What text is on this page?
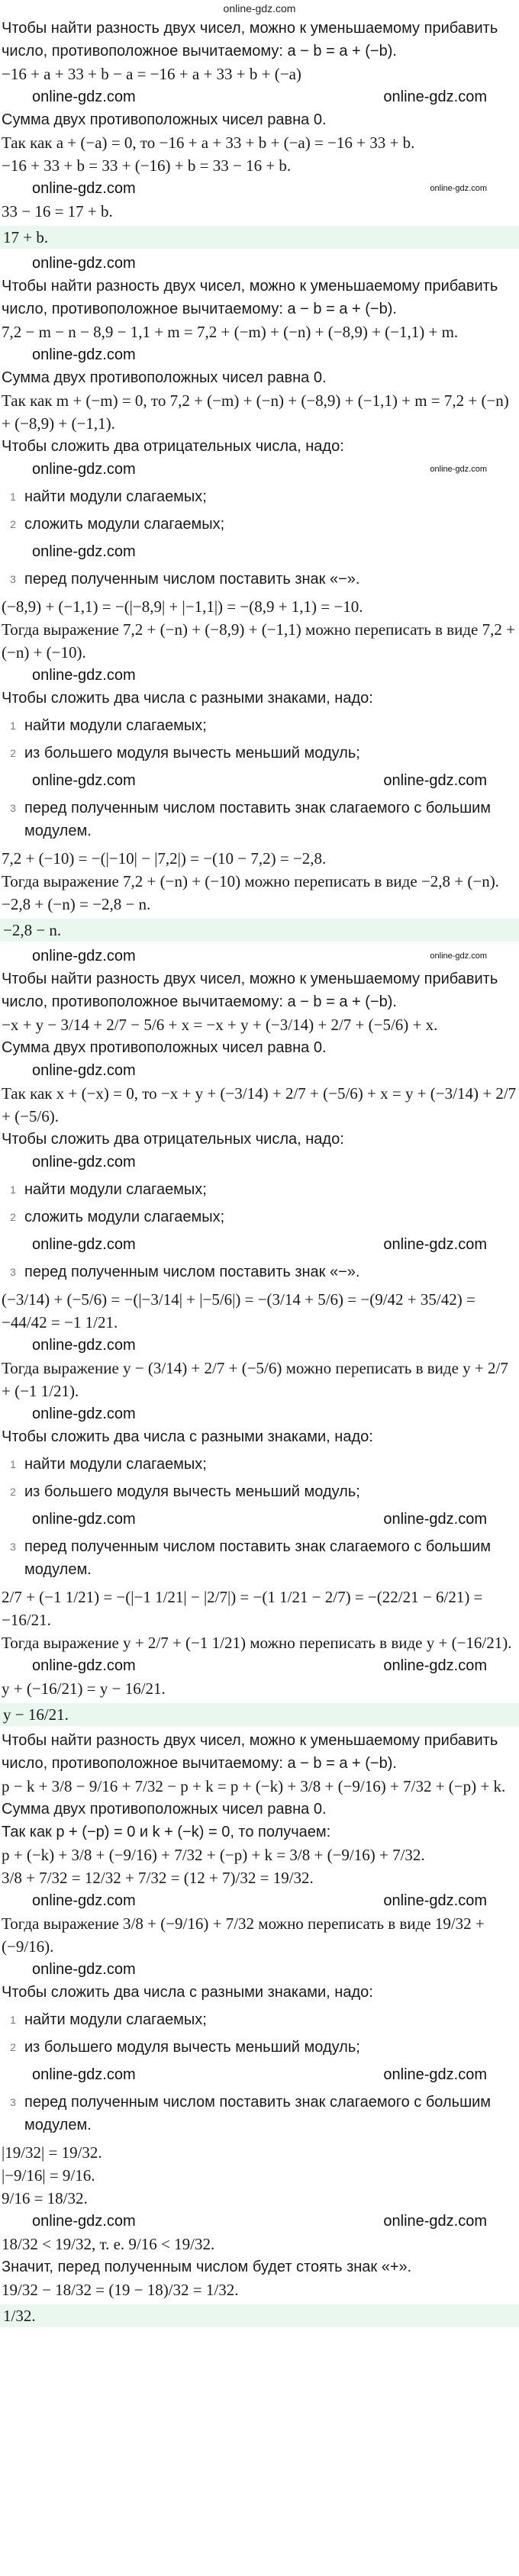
online-gdz.com

Чтобы найти разность двух чисел, можно к уменьшаемому прибавить число, противоположное вычитаемому: a − b = a + (−b).

−16 + a + 33 + b − a = −16 + a + 33 + b + (−a)

online-gdz.com	online-gdz.com

Сумма двух противоположных чисел равна 0.

Так как a + (−a) = 0, то −16 + a + 33 + b + (−a) = −16 + 33 + b.

−16 + 33 + b = 33 + (−16) + b = 33 − 16 + b.

online-gdz.com	online-gdz.com

33 − 16 = 17 + b.

17 + b.
online-gdz.com

Чтобы найти разность двух чисел, можно к уменьшаемому прибавить число, противоположное вычитаемому: a − b = a + (−b).

7,2 − m − n − 8,9 − 1,1 + m = 7,2 + (−m) + (−n) + (−8,9) + (−1,1) + m.

online-gdz.com

Сумма двух противоположных чисел равна 0.

Так как m + (−m) = 0, то 7,2 + (−m) + (−n) + (−8,9) + (−1,1) + m = 7,2 + (−n) + (−8,9) + (−1,1).

Чтобы сложить два отрицательных числа, надо:

online-gdz.com	online-gdz.com
1 найти модули слагаемых;
2 сложить модули слагаемых;
online-gdz.com
3 перед полученным числом поставить знак «−».

(−8,9) + (−1,1) = −(|−8,9| + |−1,1|) = −(8,9 + 1,1) = −10.

Тогда выражение 7,2 + (−n) + (−8,9) + (−1,1) можно переписать в виде 7,2 + (−n) + (−10).

online-gdz.com

Чтобы сложить два числа с разными знаками, надо:

1 найти модули слагаемых;
2 из большего модуля вычесть меньший модуль;
online-gdz.com	online-gdz.com
3 перед полученным числом поставить знак слагаемого с большим модулем.

7,2 + (−10) = −(|−10| − |7,2|) = −(10 − 7,2) = −2,8.

Тогда выражение 7,2 + (−n) + (−10) можно переписать в виде −2,8 + (−n).

−2,8 + (−n) = −2,8 − n.

−2,8 − n.
online-gdz.com	online-gdz.com

Чтобы найти разность двух чисел, можно к уменьшаемому прибавить число, противоположное вычитаемому: a − b = a + (−b).

−x + y − 3/14 + 2/7 − 5/6 + x = −x + y + (−3/14) + 2/7 + (−5/6) + x.

Сумма двух противоположных чисел равна 0.

online-gdz.com

Так как x + (−x) = 0, то −x + y + (−3/14) + 2/7 + (−5/6) + x = y + (−3/14) + 2/7 + (−5/6).

Чтобы сложить два отрицательных числа, надо:

online-gdz.com
1 найти модули слагаемых;
2 сложить модули слагаемых;
online-gdz.com	online-gdz.com
3 перед полученным числом поставить знак «−».

(−3/14) + (−5/6) = −(|−3/14| + |−5/6|) = −(3/14 + 5/6) = −(9/42 + 35/42) = −44/42 = −1 1/21.

online-gdz.com

Тогда выражение y − (3/14) + 2/7 + (−5/6) можно переписать в виде y + 2/7 + (−1 1/21).

online-gdz.com

Чтобы сложить два числа с разными знаками, надо:

1 найти модули слагаемых;
2 из большего модуля вычесть меньший модуль;
online-gdz.com	online-gdz.com
3 перед полученным числом поставить знак слагаемого с большим модулем.

2/7 + (−1 1/21) = −(|−1 1/21| − |2/7|) = −(1 1/21 − 2/7) = −(22/21 − 6/21) = −16/21.

Тогда выражение y + 2/7 + (−1 1/21) можно переписать в виде y + (−16/21).

online-gdz.com	online-gdz.com

y + (−16/21) = y − 16/21.

y − 16/21.

Чтобы найти разность двух чисел, можно к уменьшаемому прибавить число, противоположное вычитаемому: a − b = a + (−b).

p − k + 3/8 − 9/16 + 7/32 − p + k = p + (−k) + 3/8 + (−9/16) + 7/32 + (−p) + k.

Сумма двух противоположных чисел равна 0.

Так как p + (−p) = 0 и k + (−k) = 0, то получаем:

p + (−k) + 3/8 + (−9/16) + 7/32 + (−p) + k = 3/8 + (−9/16) + 7/32.

3/8 + 7/32 = 12/32 + 7/32 = (12 + 7)/32 = 19/32.

online-gdz.com	online-gdz.com

Тогда выражение 3/8 + (−9/16) + 7/32 можно переписать в виде 19/32 + (−9/16).

online-gdz.com

Чтобы сложить два числа с разными знаками, надо:

1 найти модули слагаемых;
2 из большего модуля вычесть меньший модуль;
online-gdz.com	online-gdz.com
3 перед полученным числом поставить знак слагаемого с большим модулем.

|19/32| = 19/32.

|−9/16| = 9/16.

9/16 = 18/32.

online-gdz.com	online-gdz.com

18/32 < 19/32, т. е. 9/16 < 19/32.

Значит, перед полученным числом будет стоять знак «+».

19/32 − 18/32 = (19 − 18)/32 = 1/32.

1/32.
